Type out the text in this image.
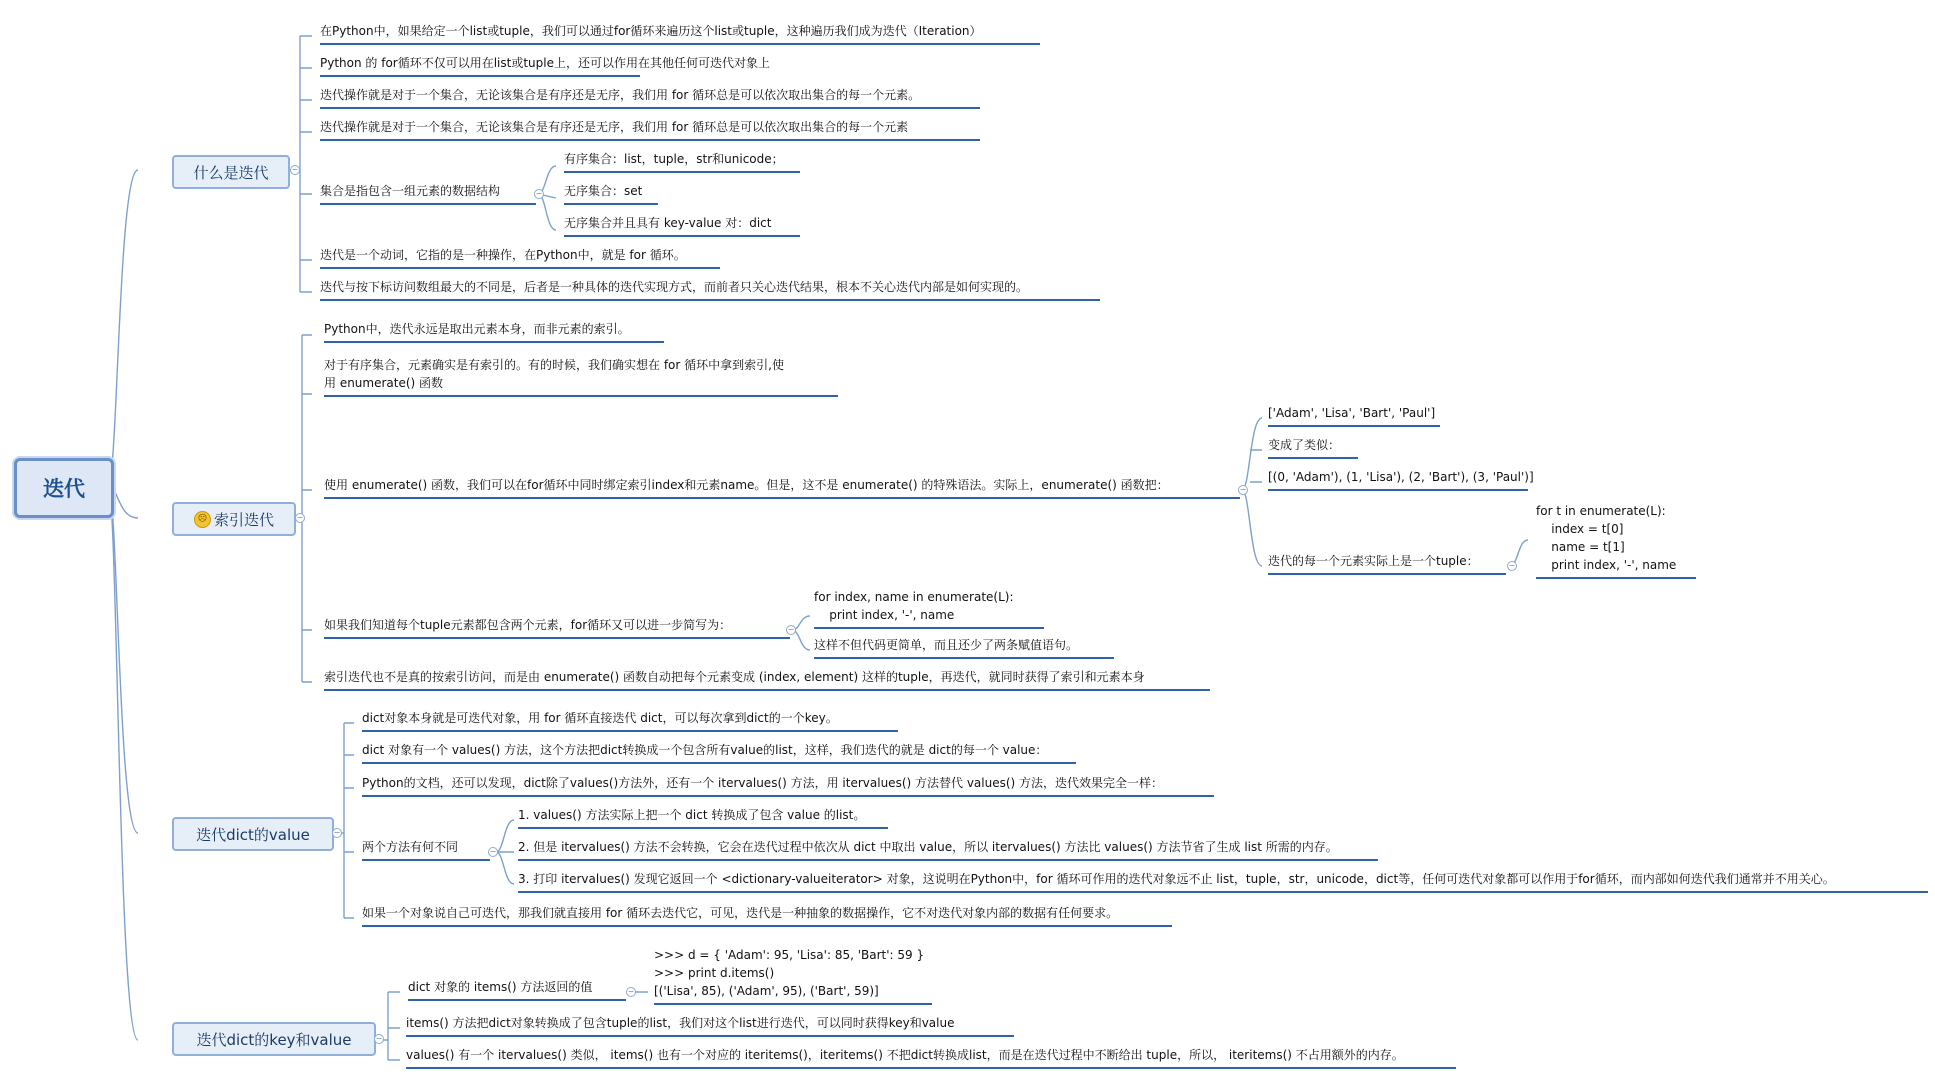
迭代
什么是迭代	−
在Python中，如果给定一个list或tuple，我们可以通过for循环来遍历这个list或tuple，这种遍历我们成为迭代（Iteration）
Python 的 for循环不仅可以用在list或tuple上，还可以作用在其他任何可迭代对象上
迭代操作就是对于一个集合，无论该集合是有序还是无序，我们用 for 循环总是可以依次取出集合的每一个元素。
迭代操作就是对于一个集合，无论该集合是有序还是无序，我们用 for 循环总是可以依次取出集合的每一个元素
集合是指包含一组元素的数据结构	−
有序集合：list，tuple，str和unicode；
无序集合：set
无序集合并且具有 key-value 对：dict
迭代是一个动词，它指的是一种操作，在Python中，就是 for 循环。
迭代与按下标访问数组最大的不同是，后者是一种具体的迭代实现方式，而前者只关心迭代结果，根本不关心迭代内部是如何实现的。
☹ 索引迭代	−
Python中，迭代永远是取出元素本身，而非元素的索引。
对于有序集合，元素确实是有索引的。有的时候，我们确实想在 for 循环中拿到索引,使
用 enumerate() 函数
使用 enumerate() 函数，我们可以在for循环中同时绑定索引index和元素name。但是，这不是 enumerate() 的特殊语法。实际上，enumerate() 函数把：	−
['Adam', 'Lisa', 'Bart', 'Paul']
变成了类似：
[(0, 'Adam'), (1, 'Lisa'), (2, 'Bart'), (3, 'Paul')]
迭代的每一个元素实际上是一个tuple：	−
for t in enumerate(L):
index = t[0]
name = t[1]
print index, '-', name
如果我们知道每个tuple元素都包含两个元素，for循环又可以进一步简写为：	−
for index, name in enumerate(L):
print index, '-', name
这样不但代码更简单，而且还少了两条赋值语句。
索引迭代也不是真的按索引访问，而是由 enumerate() 函数自动把每个元素变成 (index, element) 这样的tuple，再迭代，就同时获得了索引和元素本身
迭代dict的value	−
dict对象本身就是可迭代对象，用 for 循环直接迭代 dict，可以每次拿到dict的一个key。
dict 对象有一个 values() 方法，这个方法把dict转换成一个包含所有value的list，这样，我们迭代的就是 dict的每一个 value：
Python的文档，还可以发现，dict除了values()方法外，还有一个 itervalues() 方法，用 itervalues() 方法替代 values() 方法，迭代效果完全一样：
两个方法有何不同	−
1. values() 方法实际上把一个 dict 转换成了包含 value 的list。
2. 但是 itervalues() 方法不会转换，它会在迭代过程中依次从 dict 中取出 value，所以 itervalues() 方法比 values() 方法节省了生成 list 所需的内存。
3. 打印 itervalues() 发现它返回一个 <dictionary-valueiterator> 对象，这说明在Python中，for 循环可作用的迭代对象远不止 list，tuple，str，unicode，dict等，任何可迭代对象都可以作用于for循环，而内部如何迭代我们通常并不用关心。
如果一个对象说自己可迭代，那我们就直接用 for 循环去迭代它，可见，迭代是一种抽象的数据操作，它不对迭代对象内部的数据有任何要求。
迭代dict的key和value	−
dict 对象的 items() 方法返回的值	−
>>> d = { 'Adam': 95, 'Lisa': 85, 'Bart': 59 }
>>> print d.items()
[('Lisa', 85), ('Adam', 95), ('Bart', 59)]
items() 方法把dict对象转换成了包含tuple的list，我们对这个list进行迭代，可以同时获得key和value
values() 有一个 itervalues() 类似， items() 也有一个对应的 iteritems()，iteritems() 不把dict转换成list，而是在迭代过程中不断给出 tuple，所以， iteritems() 不占用额外的内存。
